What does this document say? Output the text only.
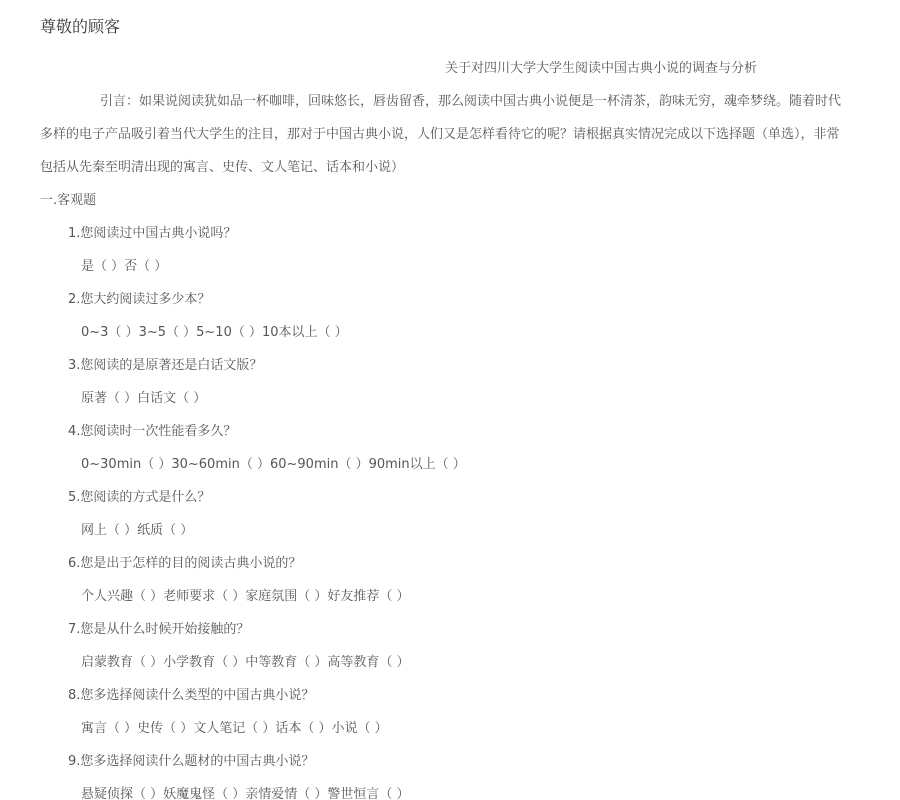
尊敬的顾客
关于对四川大学大学生阅读中国古典小说的调查与分析
引言：如果说阅读犹如品一杯咖啡，回味悠长，唇齿留香，那么阅读中国古典小说便是一杯清茶，韵味无穷，魂牵梦绕。随着时代
多样的电子产品吸引着当代大学生的注目，那对于中国古典小说，人们又是怎样看待它的呢？请根据真实情况完成以下选择题（单选），非常
包括从先秦至明清出现的寓言、史传、文人笔记、话本和小说）
一.客观题
1.您阅读过中国古典小说吗？
是（ ）否（ ）
2.您大约阅读过多少本？
0~3（ ）3~5（ ）5~10（ ）10本以上（ ）
3.您阅读的是原著还是白话文版？
原著（ ）白话文（ ）
4.您阅读时一次性能看多久？
0~30min（ ）30~60min（ ）60~90min（ ）90min以上（ ）
5.您阅读的方式是什么？
网上（ ）纸质（ ）
6.您是出于怎样的目的阅读古典小说的？
个人兴趣（ ）老师要求（ ）家庭氛围（ ）好友推荐（ ）
7.您是从什么时候开始接触的？
启蒙教育（ ）小学教育（ ）中等教育（ ）高等教育（ ）
8.您多选择阅读什么类型的中国古典小说？
寓言（ ）史传（ ）文人笔记（ ）话本（ ）小说（ ）
9.您多选择阅读什么题材的中国古典小说？
悬疑侦探（ ）妖魔鬼怪（ ）亲情爱情（ ）警世恒言（ ）
